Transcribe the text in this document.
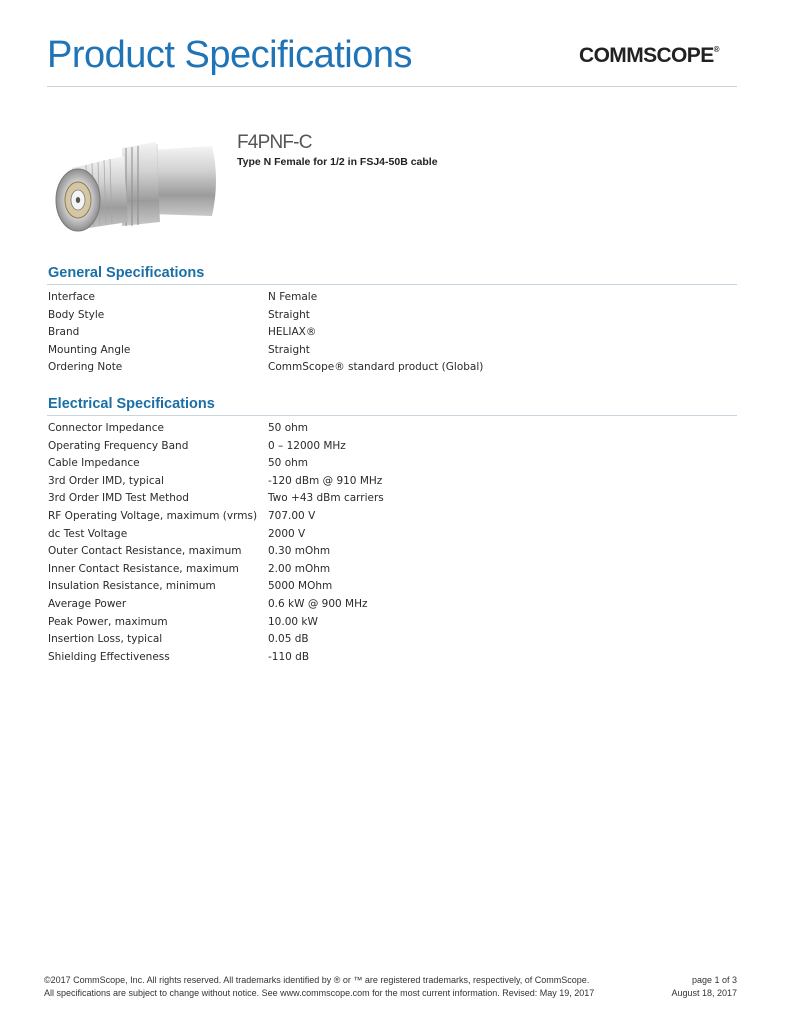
Product Specifications	COMMSCOPE®
F4PNF-C
Type N Female for 1/2 in FSJ4-50B cable
General Specifications
Interface	N Female
Body Style	Straight
Brand	HELIAX®
Mounting Angle	Straight
Ordering Note	CommScope® standard product (Global)
Electrical Specifications
Connector Impedance	50 ohm
Operating Frequency Band	0 – 12000 MHz
Cable Impedance	50 ohm
3rd Order IMD, typical	-120 dBm @ 910 MHz
3rd Order IMD Test Method	Two +43 dBm carriers
RF Operating Voltage, maximum (vrms) 707.00 V
dc Test Voltage	2000 V
Outer Contact Resistance, maximum	0.30 mOhm
Inner Contact Resistance, maximum	2.00 mOhm
Insulation Resistance, minimum	5000 MOhm
Average Power	0.6 kW @ 900 MHz
Peak Power, maximum	10.00 kW
Insertion Loss, typical	0.05 dB
Shielding Effectiveness	-110 dB
©2017 CommScope, Inc. All rights reserved. All trademarks identified by ® or ™ are registered trademarks, respectively, of CommScope.
All specifications are subject to change without notice. See www.commscope.com for the most current information. Revised: May 19, 2017
page 1 of 3
August 18, 2017
